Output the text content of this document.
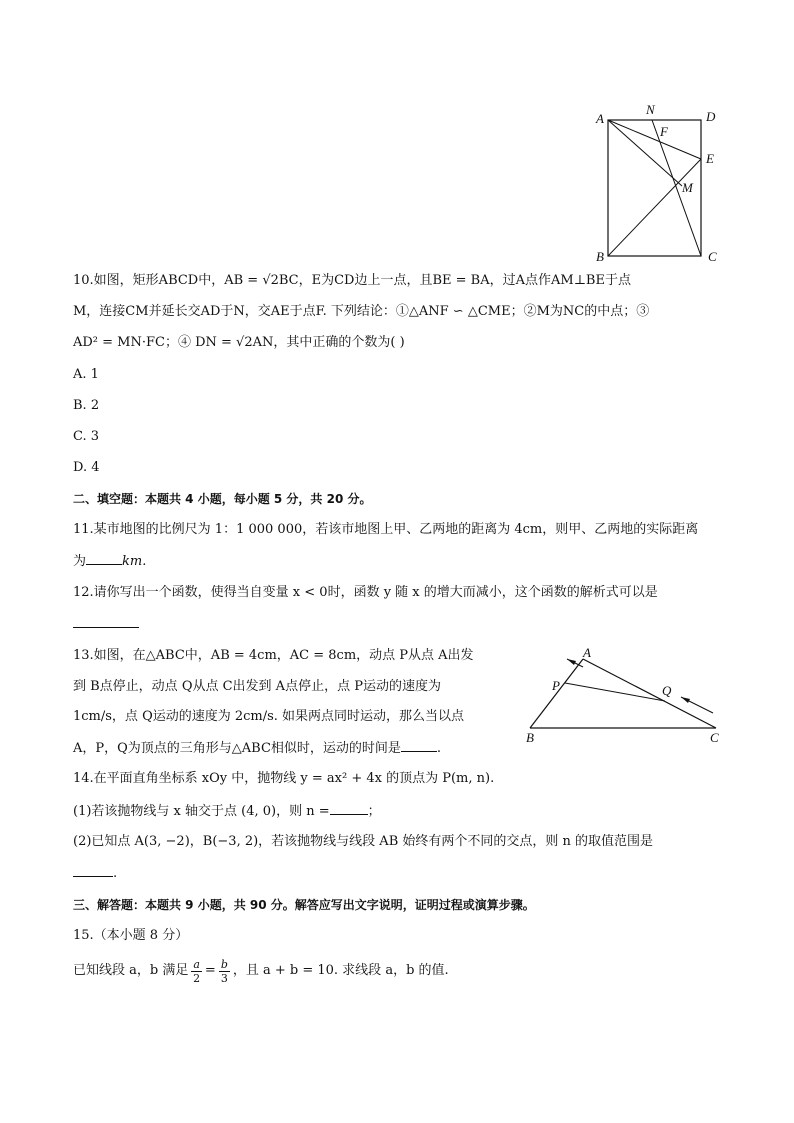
A
N	D
F
E
M
B	C
10.如图，矩形ABCD中，AB = √2BC，E为CD边上一点，且BE = BA，过A点作AM⊥BE于点
M，连接CM并延长交AD于N，交AE于点F. 下列结论：①△ANF ∽ △CME；②M为NC的中点；③
AD² = MN·FC；④ DN = √2AN，其中正确的个数为( )
A. 1
B. 2
C. 3
D. 4
二、填空题：本题共 4 小题，每小题 5 分，共 20 分。
11.某市地图的比例尺为 1：1 000 000，若该市地图上甲、乙两地的距离为 4cm，则甲、乙两地的实际距离
为	km.
12.请你写出一个函数，使得当自变量 x < 0时，函数 y 随 x 的增大而减小，这个函数的解析式可以是
13.如图，在△ABC中，AB = 4cm，AC = 8cm，动点 P从点 A出发
到 B点停止，动点 Q从点 C出发到 A点停止，点 P运动的速度为
1cm/s，点 Q运动的速度为 2cm/s. 如果两点同时运动，那么当以点
A，P，Q为顶点的三角形与△ABC相似时，运动的时间是	.
A
P	Q
B	C
14.在平面直角坐标系 xOy 中，抛物线 y = ax² + 4x 的顶点为 P(m, n).
(1)若该抛物线与 x 轴交于点 (4, 0)，则 n =	；
(2)已知点 A(3, −2)，B(−3, 2)，若该抛物线与线段 AB 始终有两个不同的交点，则 n 的取值范围是
.
三、解答题：本题共 9 小题，共 90 分。解答应写出文字说明，证明过程或演算步骤。
15.（本小题 8 分）
已知线段 a，b 满足 $\frac{a}{2} = \frac{b}{3}$ ，且 a + b = 10. 求线段 a，b 的值.
